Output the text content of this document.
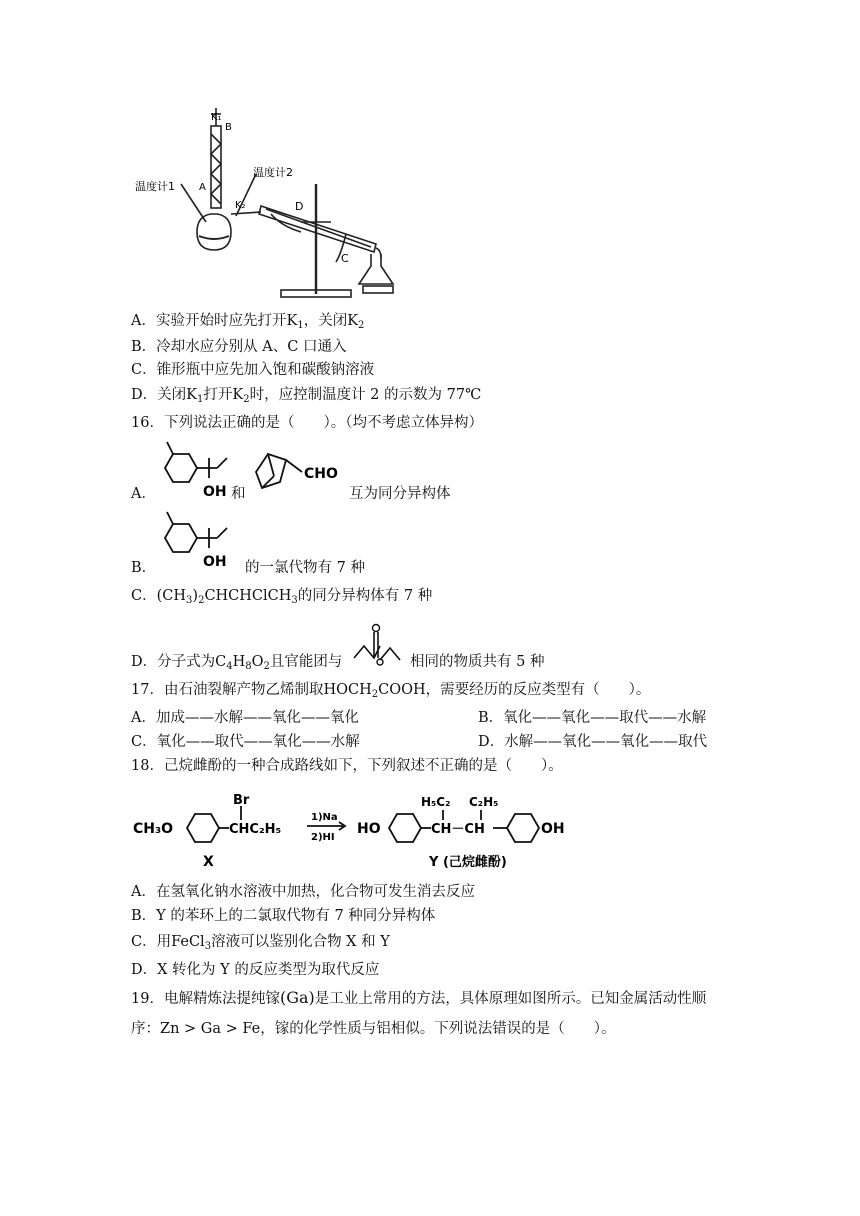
K₁
B
温度计1 A
温度计2
K₂	D
C
A．实验开始时应先打开$K_1$，关闭$K_2$
B．冷却水应分别从 A、C 口通入
C．锥形瓶中应先加入饱和碳酸钠溶液
D．关闭$K_1$打开$K_2$时，应控制温度计 2 的示数为 77℃
16．下列说法正确的是（　　）。（均不考虑立体异构）
A．	OH 和
CHO
互为同分异构体
B．	OH 的一氯代物有 7 种
C．$(CH_3)_2CHCHClCH_3$的同分异构体有 7 种
D．分子式为$C_4H_8O_2$且官能团与	相同的物质共有 5 种
17．由石油裂解产物乙烯制取$HOCH_2COOH$，需要经历的反应类型有（　　）。
A．加成——水解——氧化——氧化	B．氧化——氧化——取代——水解
C．氧化——取代——氧化——水解	D．水解——氧化——氧化——取代
18．己烷雌酚的一种合成路线如下，下列叙述不正确的是（　　）。
CH₃O
Br
CHC₂H₅
1)Na
2)HI
HO
H₅C₂ C₂H₅
CH－CH	OH
X	Y (己烷雌酚)
A．在氢氧化钠水溶液中加热，化合物可发生消去反应
B．Y 的苯环上的二氯取代物有 7 种同分异构体
C．用FeCl$_3$溶液可以鉴别化合物 X 和 Y
D．X 转化为 Y 的反应类型为取代反应
19．电解精炼法提纯镓(Ga)是工业上常用的方法，具体原理如图所示。已知金属活动性顺
序：Zn > Ga > Fe，镓的化学性质与铝相似。下列说法错误的是（　　）。
